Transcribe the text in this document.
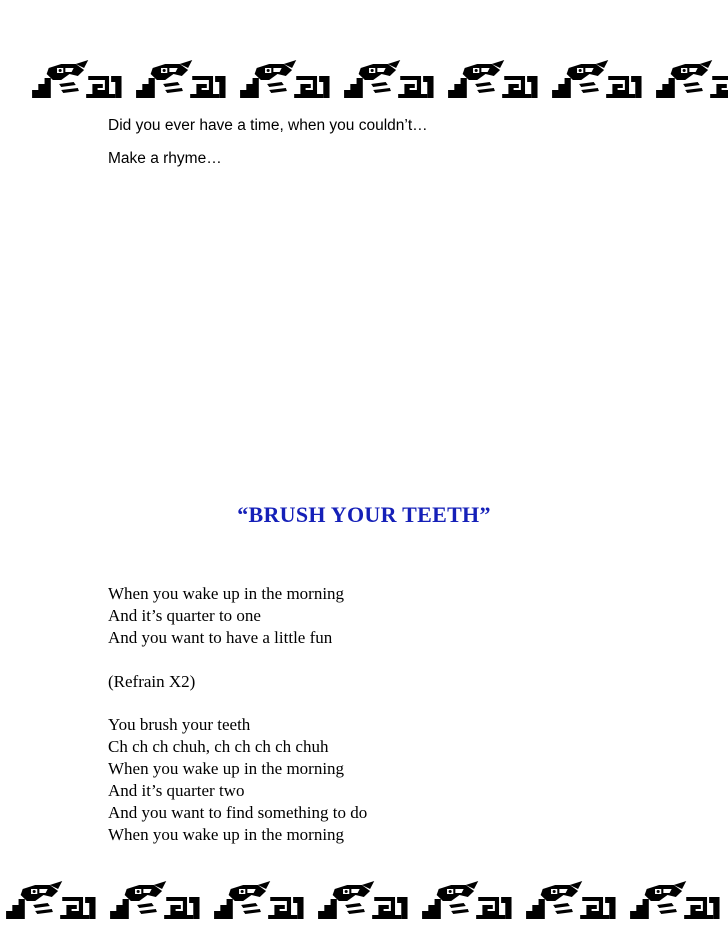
Did you ever have a time, when you couldn’t…
Make a rhyme…
“BRUSH YOUR TEETH”
When you wake up in the morning
And it’s quarter to one
And you want to have a little fun
(Refrain X2)
You brush your teeth
Ch ch ch chuh, ch ch ch ch chuh
When you wake up in the morning
And it’s quarter two
And you want to find something to do
When you wake up in the morning
